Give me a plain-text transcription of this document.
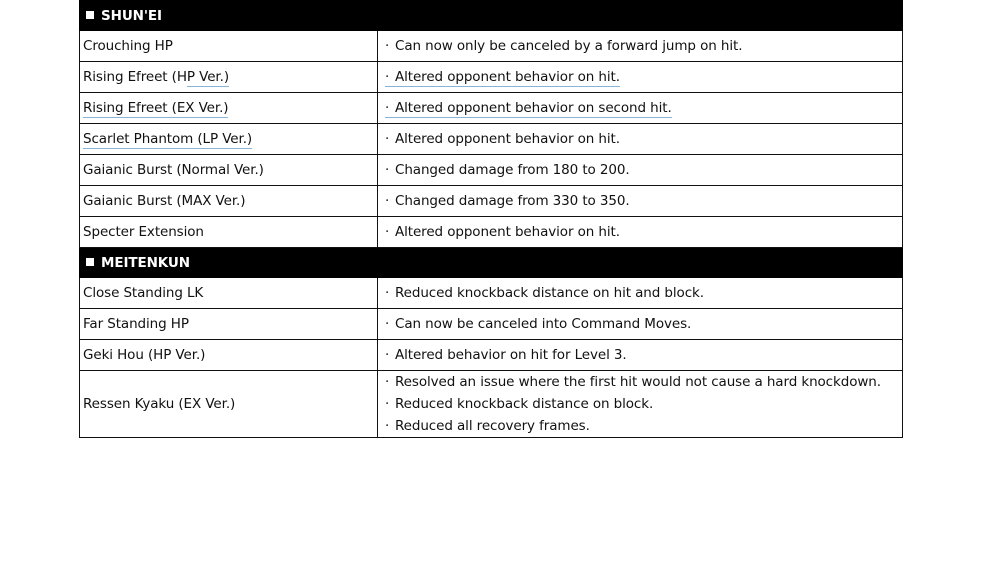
SHUN'EI	
Crouching HP	· Can now only be canceled by a forward jump on hit.
Rising Efreet (HP Ver.)	· Altered opponent behavior on hit.
Rising Efreet (EX Ver.)	· Altered opponent behavior on second hit.
Scarlet Phantom (LP Ver.)	· Altered opponent behavior on hit.
Gaianic Burst (Normal Ver.)	· Changed damage from 180 to 200.
Gaianic Burst (MAX Ver.)	· Changed damage from 330 to 350.
Specter Extension	· Altered opponent behavior on hit.
MEITENKUN	
Close Standing LK	· Reduced knockback distance on hit and block.
Far Standing HP	· Can now be canceled into Command Moves.
Geki Hou (HP Ver.)	· Altered behavior on hit for Level 3.
Ressen Kyaku (EX Ver.)	· Resolved an issue where the first hit would not cause a hard knockdown.
· Reduced knockback distance on block.
· Reduced all recovery frames.
